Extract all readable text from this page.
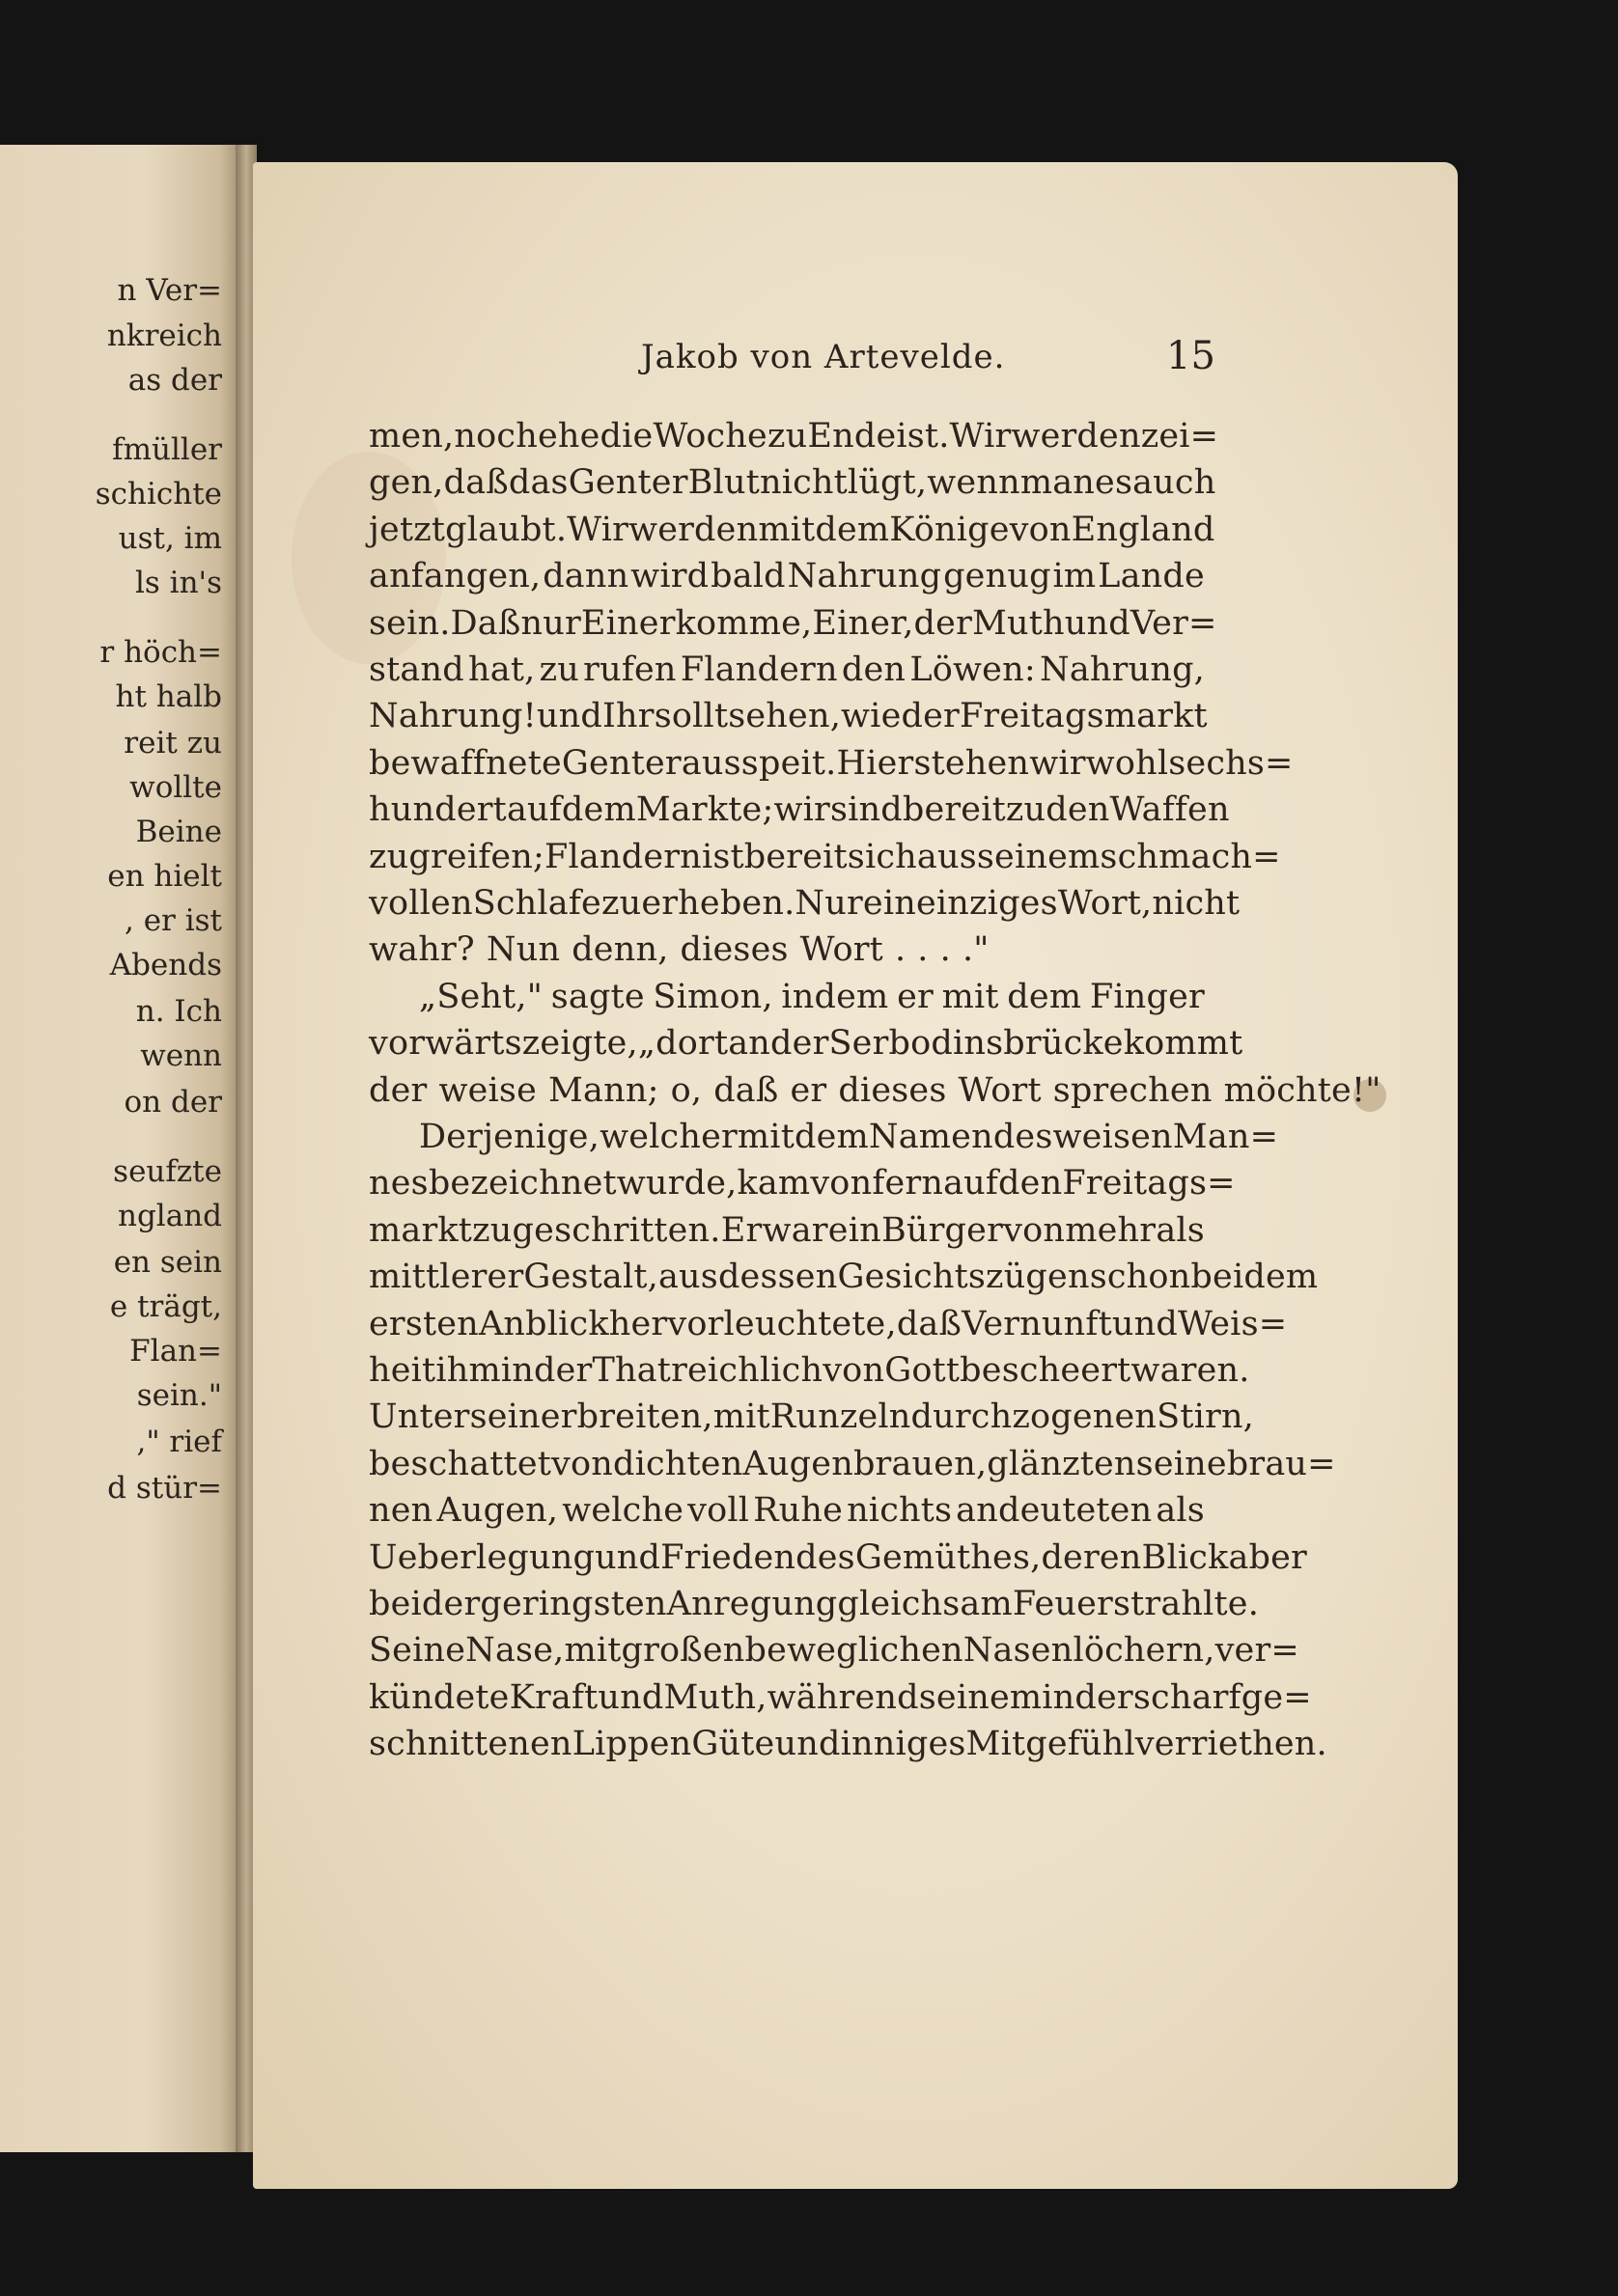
n Ver=
nkreich
as der
fmüller
schichte
ust, im
ls in's
r höch=
ht halb
reit zu
wollte
Beine
en hielt
, er ist
Abends
n. Ich
wenn
on der
seufzte
ngland
en sein
e trägt,
Flan=
sein."
," rief
d stür=
Jakob von Artevelde.	15
men, noch ehe die Woche zu Ende ist. Wir werden zei=
gen, daß das Genter Blut nicht lügt, wenn man es auch
jetzt glaubt. Wir werden mit dem Könige von England
anfangen, dann wird bald Nahrung genug im Lande
sein. Daß nur Einer komme, Einer, der Muth und Ver=
stand hat, zu rufen Flandern den Löwen: Nahrung,
Nahrung! und Ihr sollt sehen, wie der Freitagsmarkt
bewaffnete Genter ausspeit. Hier stehen wir wohl sechs=
hundert auf dem Markte; wir sind bereit zu den Waffen
zu greifen; Flandern ist bereit sich aus seinem schmach=
vollen Schlafe zu erheben. Nur ein einziges Wort, nicht
wahr? Nun denn, dieses Wort . . . ."
„Seht," sagte Simon, indem er mit dem Finger
vorwärts zeigte, „dort an der Serbodinsbrücke kommt
der weise Mann; o, daß er dieses Wort sprechen möchte!"
Derjenige, welcher mit dem Namen des weisen Man=
nes bezeichnet wurde, kam von fern auf den Freitags=
markt zugeschritten. Er war ein Bürger von mehr als
mittlerer Gestalt, aus dessen Gesichtszügen schon bei dem
ersten Anblick hervorleuchtete, daß Vernunft und Weis=
heit ihm in der That reichlich von Gott bescheert waren.
Unter seiner breiten, mit Runzeln durchzogenen Stirn,
beschattet von dichten Augenbrauen, glänzten seine brau=
nen Augen, welche voll Ruhe nichts andeuteten als
Ueberlegung und Frieden des Gemüthes, deren Blick aber
bei der geringsten Anregung gleichsam Feuer strahlte.
Seine Nase, mit großen beweglichen Nasenlöchern, ver=
kündete Kraft und Muth, während seine minder scharf ge=
schnittenen Lippen Güte und inniges Mitgefühl verriethen.
